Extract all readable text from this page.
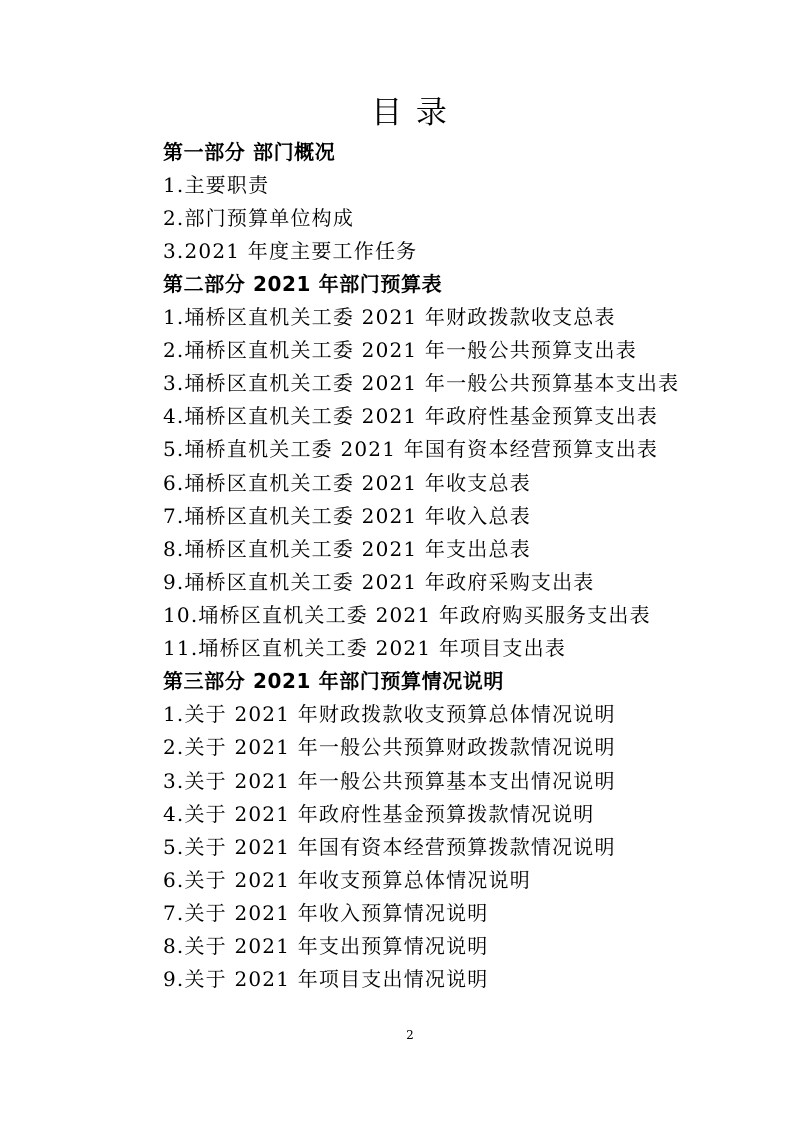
目 录
第一部分 部门概况
1.主要职责
2.部门预算单位构成
3.2021 年度主要工作任务
第二部分 2021 年部门预算表
1.埇桥区直机关工委 2021 年财政拨款收支总表
2.埇桥区直机关工委 2021 年一般公共预算支出表
3.埇桥区直机关工委 2021 年一般公共预算基本支出表
4.埇桥区直机关工委 2021 年政府性基金预算支出表
5.埇桥直机关工委 2021 年国有资本经营预算支出表
6.埇桥区直机关工委 2021 年收支总表
7.埇桥区直机关工委 2021 年收入总表
8.埇桥区直机关工委 2021 年支出总表
9.埇桥区直机关工委 2021 年政府采购支出表
10.埇桥区直机关工委 2021 年政府购买服务支出表
11.埇桥区直机关工委 2021 年项目支出表
第三部分 2021 年部门预算情况说明
1.关于 2021 年财政拨款收支预算总体情况说明
2.关于 2021 年一般公共预算财政拨款情况说明
3.关于 2021 年一般公共预算基本支出情况说明
4.关于 2021 年政府性基金预算拨款情况说明
5.关于 2021 年国有资本经营预算拨款情况说明
6.关于 2021 年收支预算总体情况说明
7.关于 2021 年收入预算情况说明
8.关于 2021 年支出预算情况说明
9.关于 2021 年项目支出情况说明
2
